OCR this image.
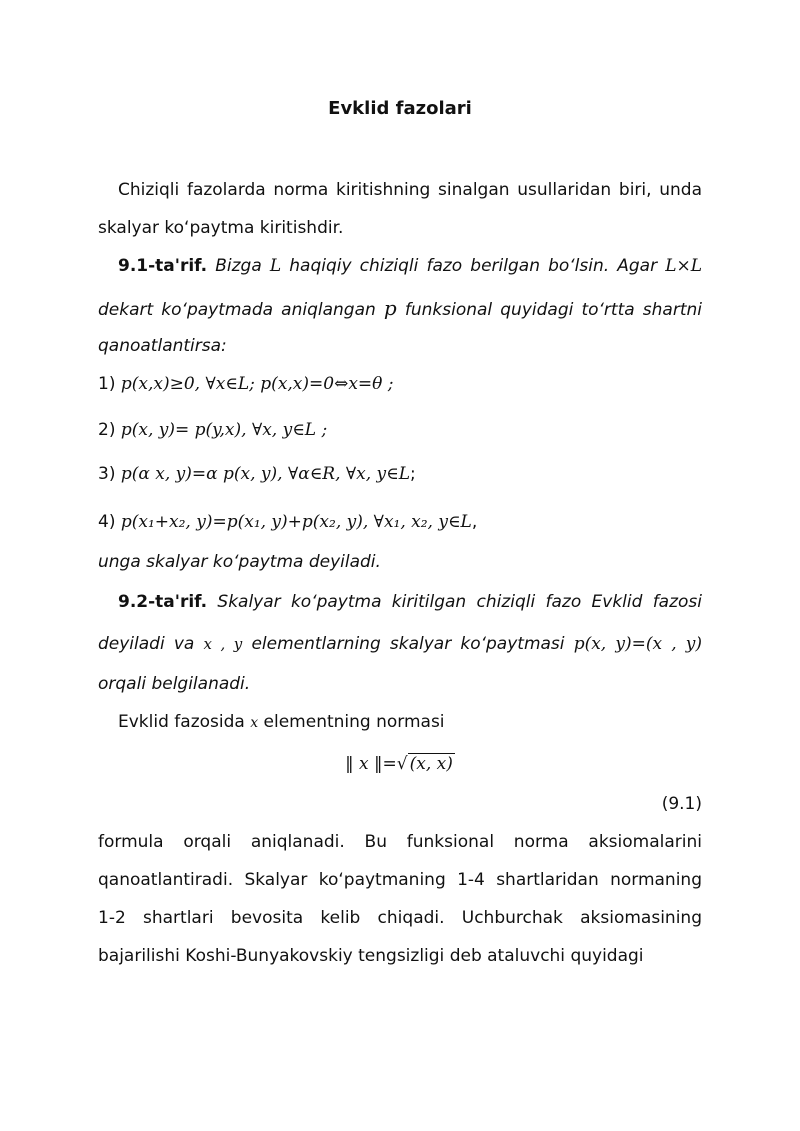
Evklid fazolari
Chiziqli fazolarda norma kiritishning sinalgan usullaridan biri, unda
skalyar ko‘paytma kiritishdir.
9.1-ta'rif. Bizga L haqiqiy chiziqli fazo berilgan bo‘lsin. Agar L×L
dekart ko‘paytmada aniqlangan p funksional quyidagi to‘rtta shartni
qanoatlantirsa:
1) p(x,x)≥0, ∀x∈L; p(x,x)=0⇔x=θ ;
2) p(x, y)= p(y,x), ∀x, y∈L ;
3) p(α x, y)=α p(x, y), ∀α∈R, ∀x, y∈L;
4) p(x₁+x₂, y)=p(x₁, y)+p(x₂, y), ∀x₁, x₂, y∈L,
unga skalyar ko‘paytma deyiladi.
9.2-ta'rif. Skalyar ko‘paytma kiritilgan chiziqli fazo Evklid fazosi
deyiladi va x , y elementlarning skalyar ko‘paytmasi p(x, y)=(x , y)
orqali belgilanadi.
Evklid fazosida x elementning normasi
‖ x ‖=√ (x, x)
(9.1)
formula orqali aniqlanadi. Bu funksional norma aksiomalarini
qanoatlantiradi. Skalyar ko‘paytmaning 1-4 shartlaridan normaning
1-2 shartlari bevosita kelib chiqadi. Uchburchak aksiomasining
bajarilishi Koshi-Bunyakovskiy tengsizligi deb ataluvchi quyidagi
